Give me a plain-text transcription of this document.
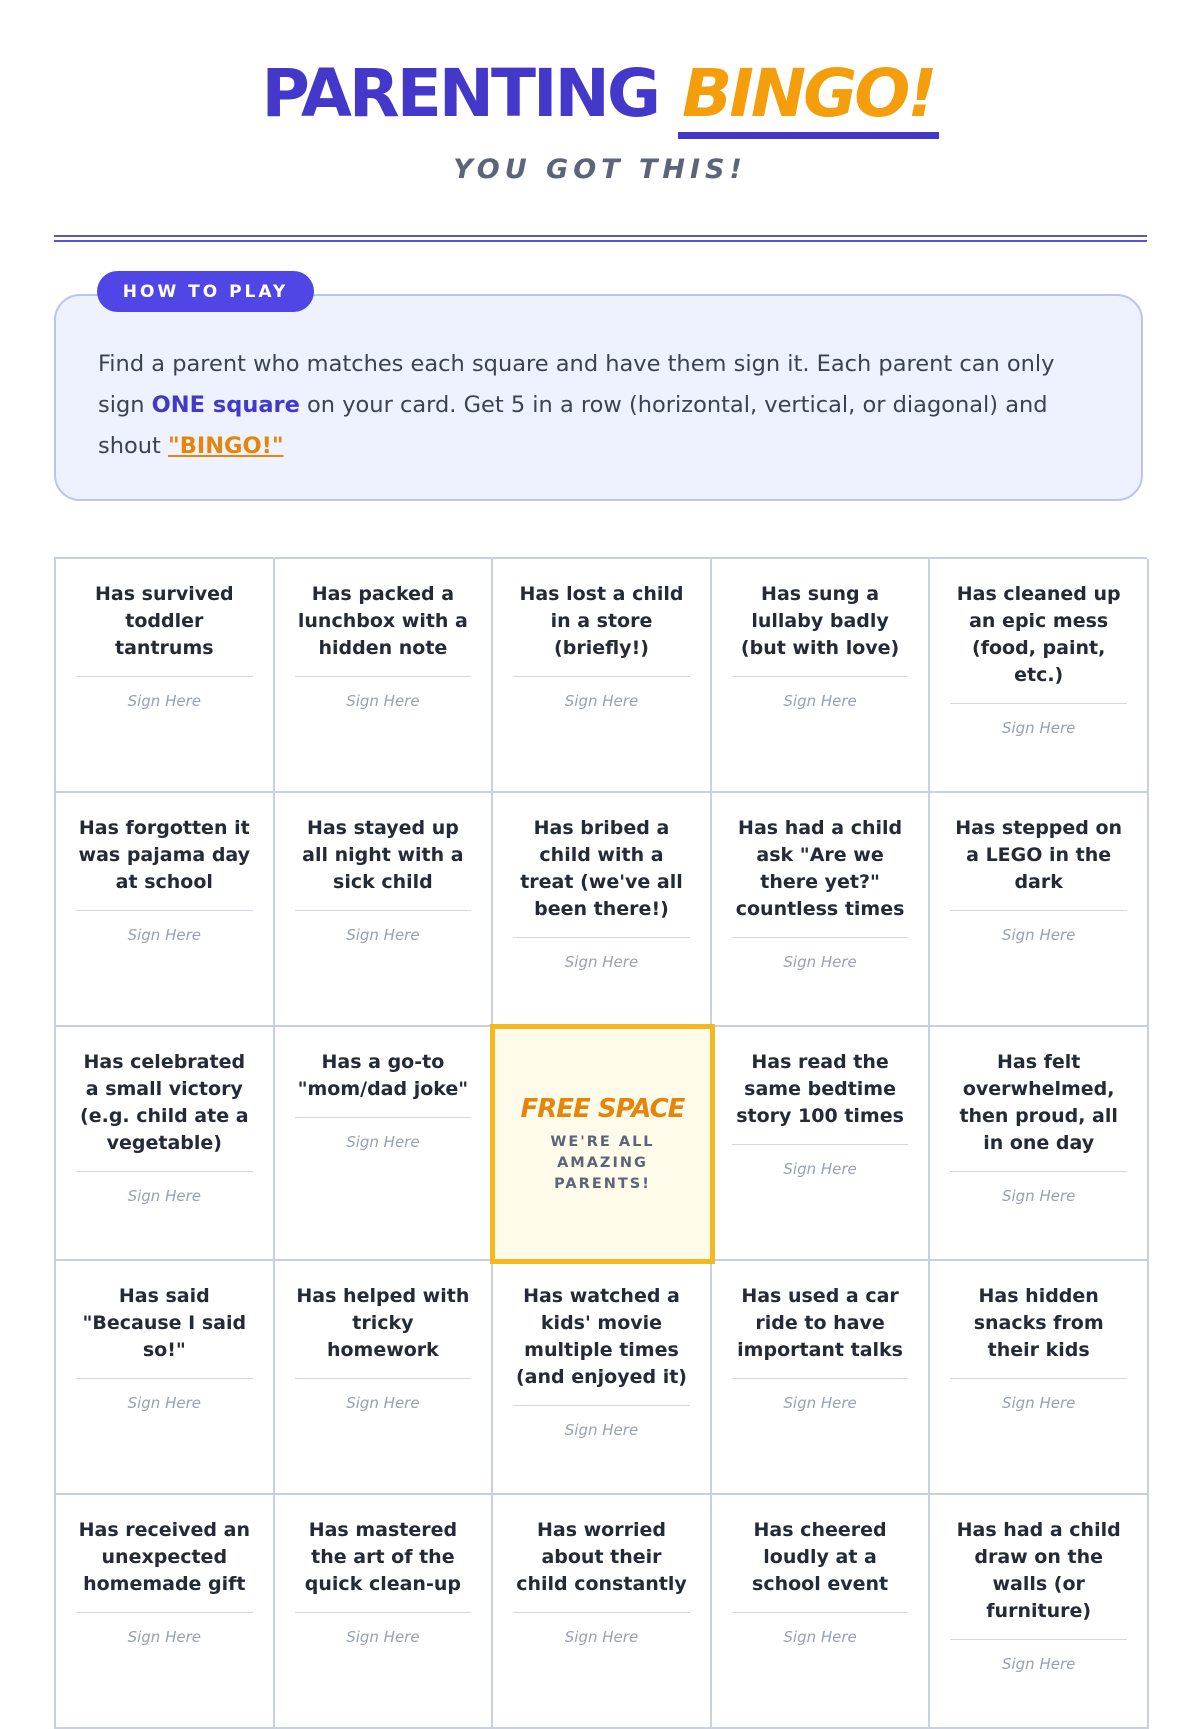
PARENTING BINGO!
YOU GOT THIS!
HOW TO PLAY
Find a parent who matches each square and have them sign it. Each parent can only sign ONE square on your card. Get 5 in a row (horizontal, vertical, or diagonal) and shout "BINGO!"
Has survived toddler tantrums
Sign Here
Has packed a lunchbox with a hidden note
Sign Here
Has lost a child in a store (briefly!)
Sign Here
Has sung a lullaby badly (but with love)
Sign Here
Has cleaned up an epic mess (food, paint, etc.)
Sign Here
Has forgotten it was pajama day at school
Sign Here
Has stayed up all night with a sick child
Sign Here
Has bribed a child with a treat (we've all been there!)
Sign Here
Has had a child ask "Are we there yet?" countless times
Sign Here
Has stepped on a LEGO in the dark
Sign Here
Has celebrated a small victory (e.g. child ate a vegetable)
Sign Here
Has a go-to "mom/dad joke"
Sign Here
FREE SPACE
WE'RE ALL AMAZING PARENTS!
Has read the same bedtime story 100 times
Sign Here
Has felt overwhelmed, then proud, all in one day
Sign Here
Has said "Because I said so!"
Sign Here
Has helped with tricky homework
Sign Here
Has watched a kids' movie multiple times (and enjoyed it)
Sign Here
Has used a car ride to have important talks
Sign Here
Has hidden snacks from their kids
Sign Here
Has received an unexpected homemade gift
Sign Here
Has mastered the art of the quick clean-up
Sign Here
Has worried about their child constantly
Sign Here
Has cheered loudly at a school event
Sign Here
Has had a child draw on the walls (or furniture)
Sign Here
